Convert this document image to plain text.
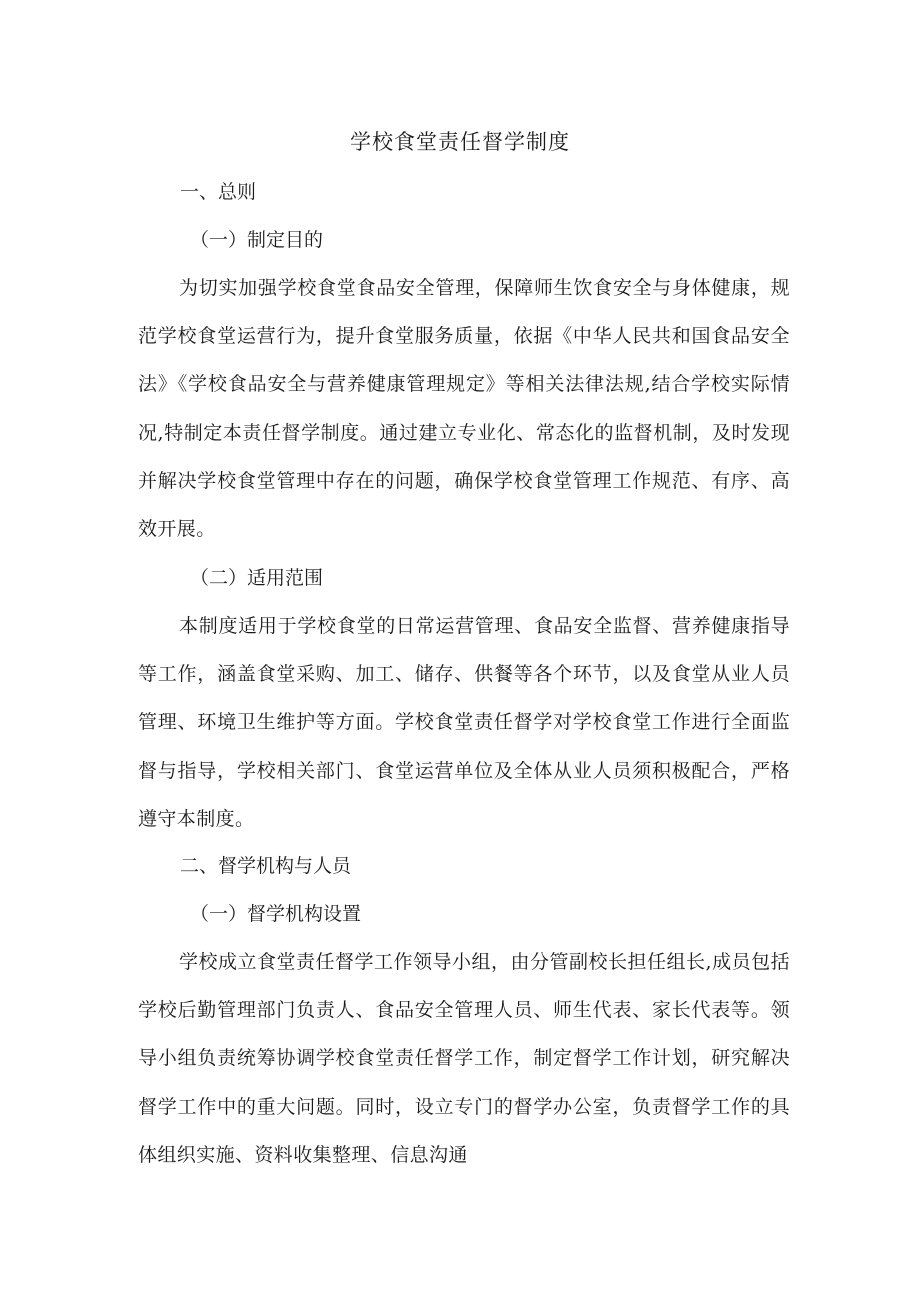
学校食堂责任督学制度
一、总则
（一）制定目的
为切实加强学校食堂食品安全管理，保障师生饮食安全与身体健康，规范学校食堂运营行为，提升食堂服务质量，依据《中华人民共和国食品安全法》《学校食品安全与营养健康管理规定》等相关法律法规,结合学校实际情况,特制定本责任督学制度。通过建立专业化、常态化的监督机制，及时发现并解决学校食堂管理中存在的问题，确保学校食堂管理工作规范、有序、高效开展。
（二）适用范围
本制度适用于学校食堂的日常运营管理、食品安全监督、营养健康指导等工作，涵盖食堂采购、加工、储存、供餐等各个环节，以及食堂从业人员管理、环境卫生维护等方面。学校食堂责任督学对学校食堂工作进行全面监督与指导，学校相关部门、食堂运营单位及全体从业人员须积极配合，严格遵守本制度。
二、督学机构与人员
（一）督学机构设置
学校成立食堂责任督学工作领导小组，由分管副校长担任组长,成员包括学校后勤管理部门负责人、食品安全管理人员、师生代表、家长代表等。领导小组负责统筹协调学校食堂责任督学工作，制定督学工作计划，研究解决督学工作中的重大问题。同时，设立专门的督学办公室，负责督学工作的具体组织实施、资料收集整理、信息沟通
